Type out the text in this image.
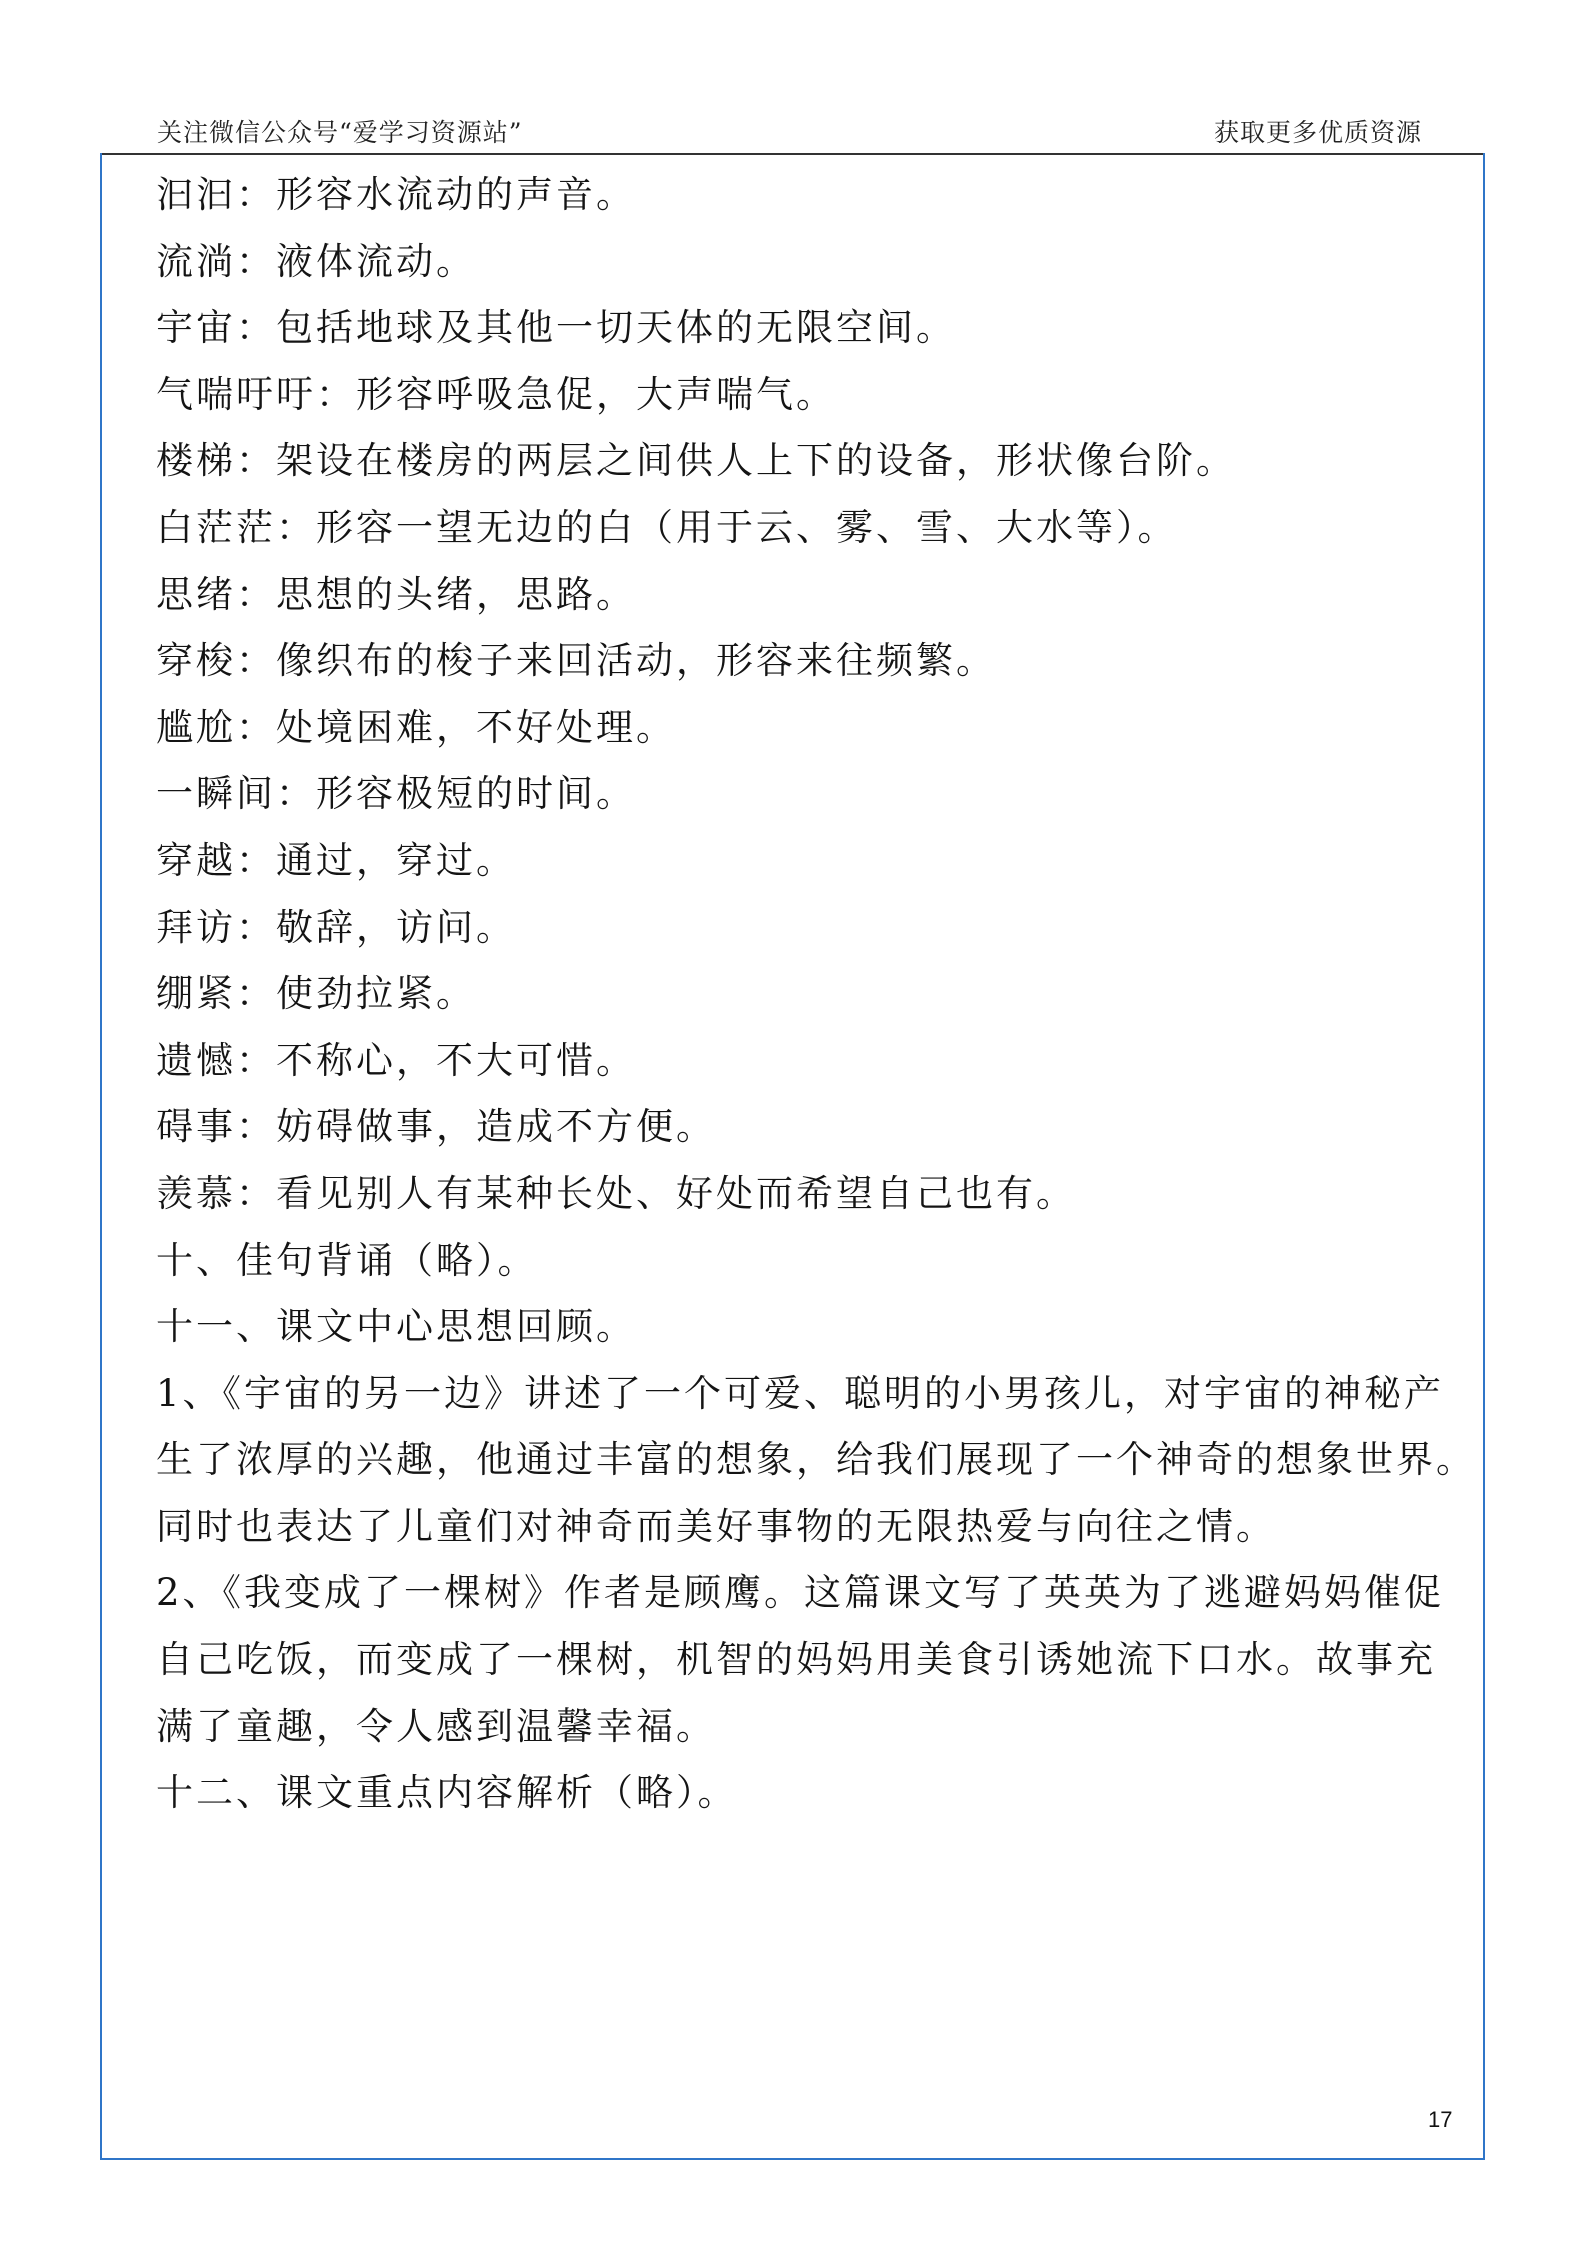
关注微信公众号“爱学习资源站”	获取更多优质资源
汩汩：形容水流动的声音。
流淌：液体流动。
宇宙：包括地球及其他一切天体的无限空间。
气喘吁吁：形容呼吸急促，大声喘气。
楼梯：架设在楼房的两层之间供人上下的设备，形状像台阶。
白茫茫：形容一望无边的白（用于云、雾、雪、大水等）。
思绪：思想的头绪，思路。
穿梭：像织布的梭子来回活动，形容来往频繁。
尴尬：处境困难，不好处理。
一瞬间：形容极短的时间。
穿越：通过，穿过。
拜访：敬辞，访问。
绷紧：使劲拉紧。
遗憾：不称心，不大可惜。
碍事：妨碍做事，造成不方便。
羡慕：看见别人有某种长处、好处而希望自己也有。
十、佳句背诵（略）。
十一、课文中心思想回顾。
1、《宇宙的另一边》讲述了一个可爱、聪明的小男孩儿，对宇宙的神秘产
生了浓厚的兴趣，他通过丰富的想象，给我们展现了一个神奇的想象世界。
同时也表达了儿童们对神奇而美好事物的无限热爱与向往之情。
2、《我变成了一棵树》作者是顾鹰。这篇课文写了英英为了逃避妈妈催促
自己吃饭，而变成了一棵树，机智的妈妈用美食引诱她流下口水。故事充
满了童趣，令人感到温馨幸福。
十二、课文重点内容解析（略）。
17
